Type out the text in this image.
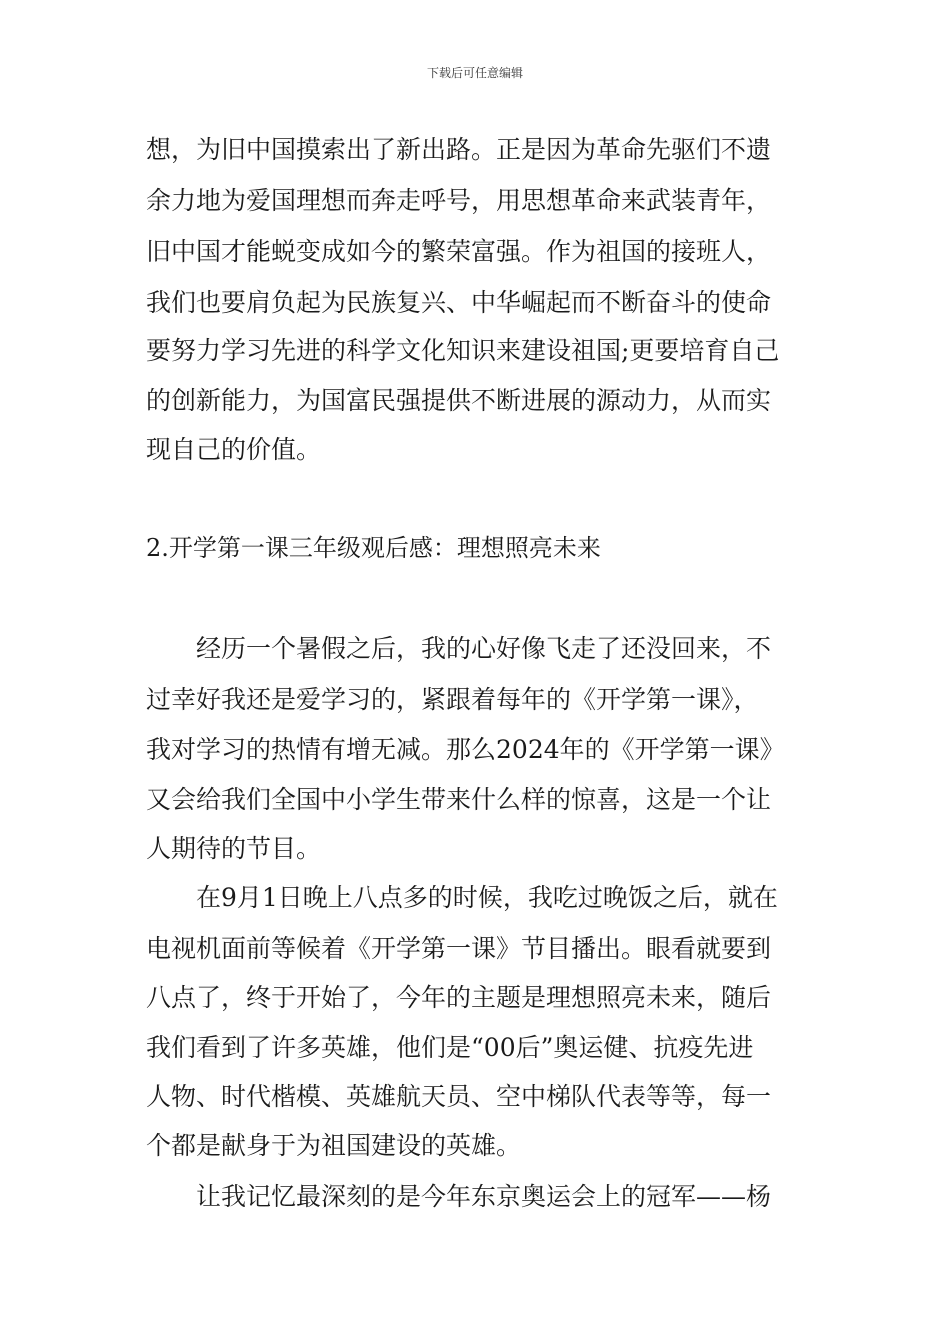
下载后可任意编辑
想，为旧中国摸索出了新出路。正是因为革命先驱们不遗
余力地为爱国理想而奔走呼号，用思想革命来武装青年，
旧中国才能蜕变成如今的繁荣富强。作为祖国的接班人，
我们也要肩负起为民族复兴、中华崛起而不断奋斗的使命
要努力学习先进的科学文化知识来建设祖国;更要培育自己
的创新能力，为国富民强提供不断进展的源动力，从而实
现自己的价值。
2.开学第一课三年级观后感：理想照亮未来
经历一个暑假之后，我的心好像飞走了还没回来，不
过幸好我还是爱学习的，紧跟着每年的《开学第一课》，
我对学习的热情有增无减。那么2024年的《开学第一课》
又会给我们全国中小学生带来什么样的惊喜，这是一个让
人期待的节目。
在9月1日晚上八点多的时候，我吃过晚饭之后，就在
电视机面前等候着《开学第一课》节目播出。眼看就要到
八点了，终于开始了，今年的主题是理想照亮未来，随后
我们看到了许多英雄，他们是“00后”奥运健、抗疫先进
人物、时代楷模、英雄航天员、空中梯队代表等等，每一
个都是献身于为祖国建设的英雄。
让我记忆最深刻的是今年东京奥运会上的冠军——杨
